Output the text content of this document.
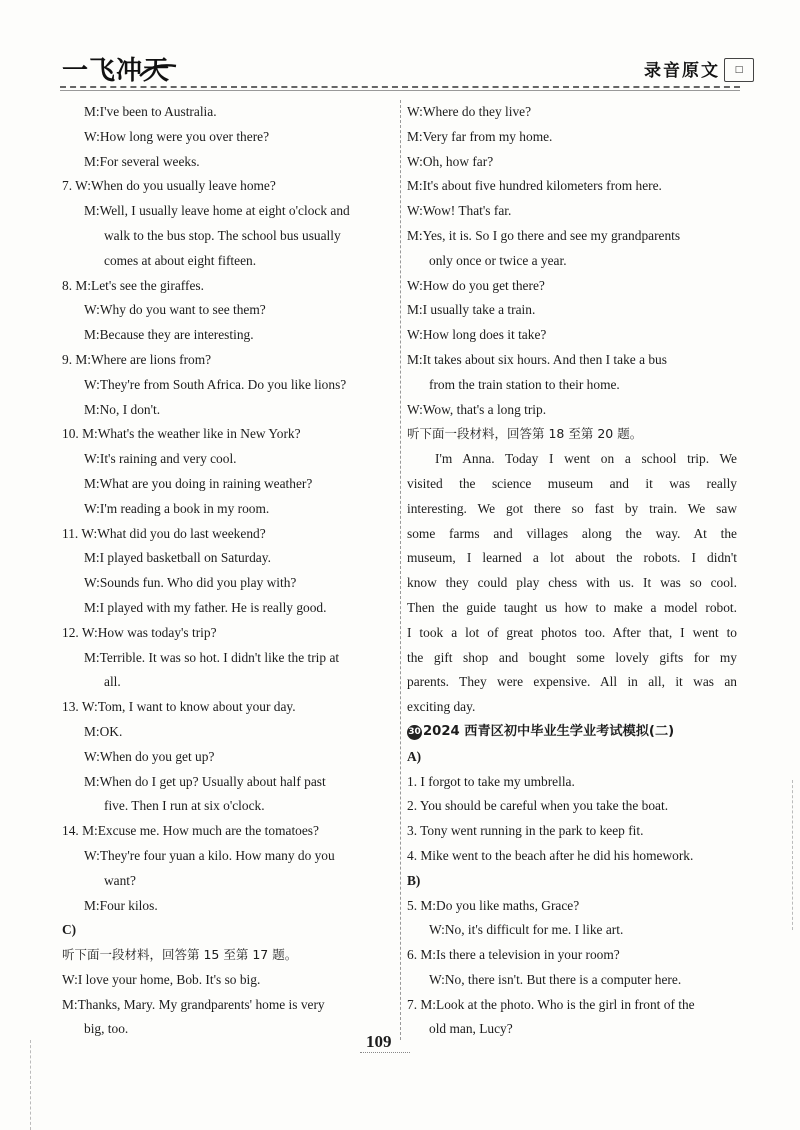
一飞冲天	录音原文	□
M:I've been to Australia.
W:How long were you over there?
M:For several weeks.
7. W:When do you usually leave home?
M:Well, I usually leave home at eight o'clock and
walk to the bus stop. The school bus usually
comes at about eight fifteen.
8. M:Let's see the giraffes.
W:Why do you want to see them?
M:Because they are interesting.
9. M:Where are lions from?
W:They're from South Africa. Do you like lions?
M:No, I don't.
10. M:What's the weather like in New York?
W:It's raining and very cool.
M:What are you doing in raining weather?
W:I'm reading a book in my room.
11. W:What did you do last weekend?
M:I played basketball on Saturday.
W:Sounds fun. Who did you play with?
M:I played with my father. He is really good.
12. W:How was today's trip?
M:Terrible. It was so hot. I didn't like the trip at
all.
13. W:Tom, I want to know about your day.
M:OK.
W:When do you get up?
M:When do I get up? Usually about half past
five. Then I run at six o'clock.
14. M:Excuse me. How much are the tomatoes?
W:They're four yuan a kilo. How many do you
want?
M:Four kilos.
C)
听下面一段材料，回答第 15 至第 17 题。
W:I love your home, Bob. It's so big.
M:Thanks, Mary. My grandparents' home is very
big, too.
W:Where do they live?
M:Very far from my home.
W:Oh, how far?
M:It's about five hundred kilometers from here.
W:Wow! That's far.
M:Yes, it is. So I go there and see my grandparents
only once or twice a year.
W:How do you get there?
M:I usually take a train.
W:How long does it take?
M:It takes about six hours. And then I take a bus
from the train station to their home.
W:Wow, that's a long trip.
听下面一段材料，回答第 18 至第 20 题。
I'm Anna. Today I went on a school trip. We
visited the science museum and it was really
interesting. We got there so fast by train. We saw
some farms and villages along the way. At the
museum, I learned a lot about the robots. I didn't
know they could play chess with us. It was so cool.
Then the guide taught us how to make a model robot.
I took a lot of great photos too. After that, I went to
the gift shop and bought some lovely gifts for my
parents. They were expensive. All in all, it was an
exciting day.
30 2024 西青区初中毕业生学业考试模拟(二)
A)
1. I forgot to take my umbrella.
2. You should be careful when you take the boat.
3. Tony went running in the park to keep fit.
4. Mike went to the beach after he did his homework.
B)
5. M:Do you like maths, Grace?
W:No, it's difficult for me. I like art.
6. M:Is there a television in your room?
W:No, there isn't. But there is a computer here.
7. M:Look at the photo. Who is the girl in front of the
old man, Lucy?
109
